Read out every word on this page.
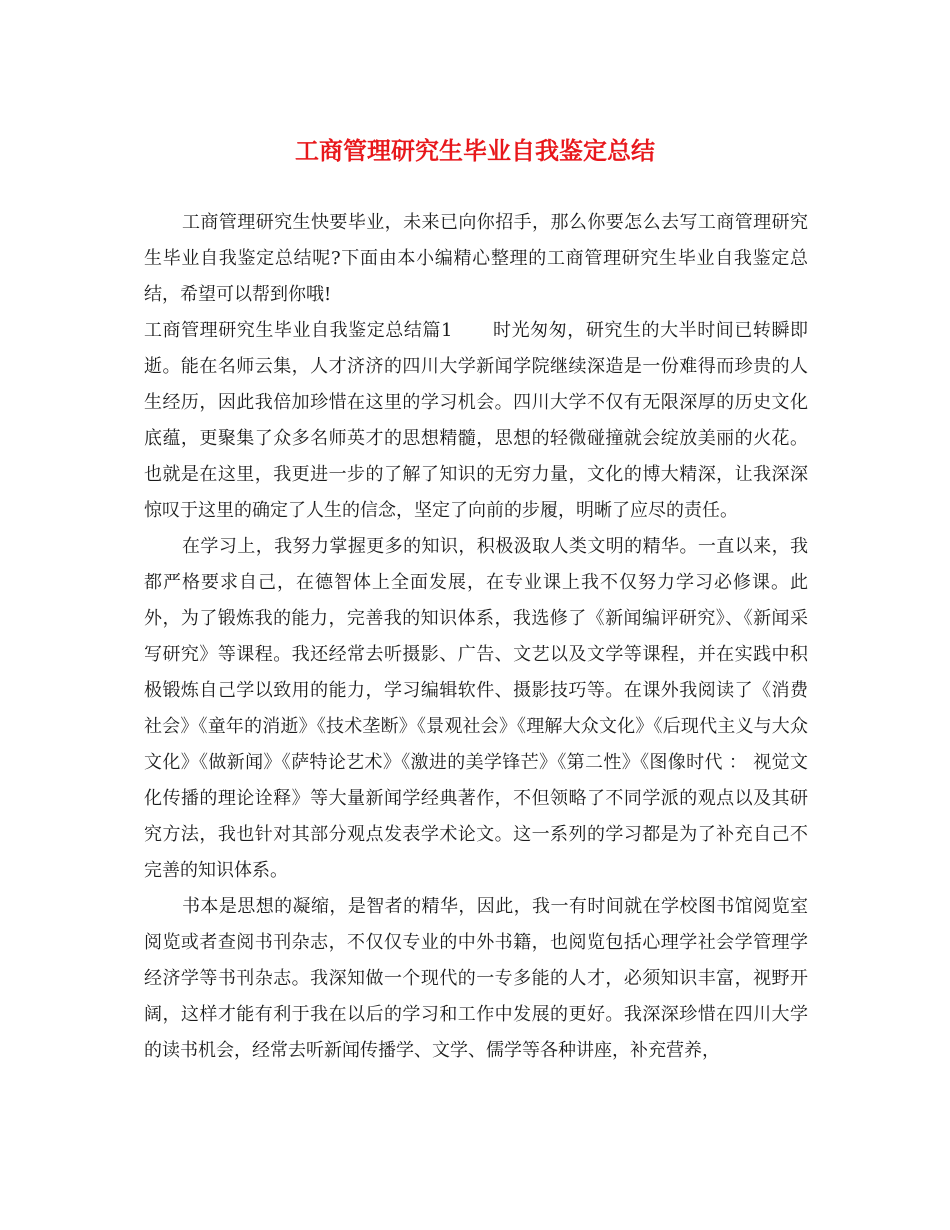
工商管理研究生毕业自我鉴定总结

工商管理研究生快要毕业，未来已向你招手，那么你要怎么去写工商管理研究生毕业自我鉴定总结呢?下面由本小编精心整理的工商管理研究生毕业自我鉴定总结，希望可以帮到你哦!

工商管理研究生毕业自我鉴定总结篇1 时光匆匆，研究生的大半时间已转瞬即逝。能在名师云集，人才济济的四川大学新闻学院继续深造是一份难得而珍贵的人生经历，因此我倍加珍惜在这里的学习机会。四川大学不仅有无限深厚的历史文化底蕴，更聚集了众多名师英才的思想精髓，思想的轻微碰撞就会绽放美丽的火花。也就是在这里，我更进一步的了解了知识的无穷力量，文化的博大精深，让我深深惊叹于这里的确定了人生的信念，坚定了向前的步履，明晰了应尽的责任。

在学习上，我努力掌握更多的知识，积极汲取人类文明的精华。一直以来，我都严格要求自己，在德智体上全面发展，在专业课上我不仅努力学习必修课。此外，为了锻炼我的能力，完善我的知识体系，我选修了《新闻编评研究》、《新闻采写研究》等课程。我还经常去听摄影、广告、文艺以及文学等课程，并在实践中积极锻炼自己学以致用的能力，学习编辑软件、摄影技巧等。在课外我阅读了《消费社会》《童年的消逝》《技术垄断》《景观社会》《理解大众文化》《后现代主义与大众文化》《做新闻》《萨特论艺术》《激进的美学锋芒》《第二性》《图像时代 ： 视觉文化传播的理论诠释》等大量新闻学经典著作，不但领略了不同学派的观点以及其研究方法，我也针对其部分观点发表学术论文。这一系列的学习都是为了补充自己不完善的知识体系。

书本是思想的凝缩，是智者的精华，因此，我一有时间就在学校图书馆阅览室阅览或者查阅书刊杂志，不仅仅专业的中外书籍，也阅览包括心理学社会学管理学经济学等书刊杂志。我深知做一个现代的一专多能的人才，必须知识丰富，视野开阔，这样才能有利于我在以后的学习和工作中发展的更好。我深深珍惜在四川大学的读书机会，经常去听新闻传播学、文学、儒学等各种讲座，补充营养，
